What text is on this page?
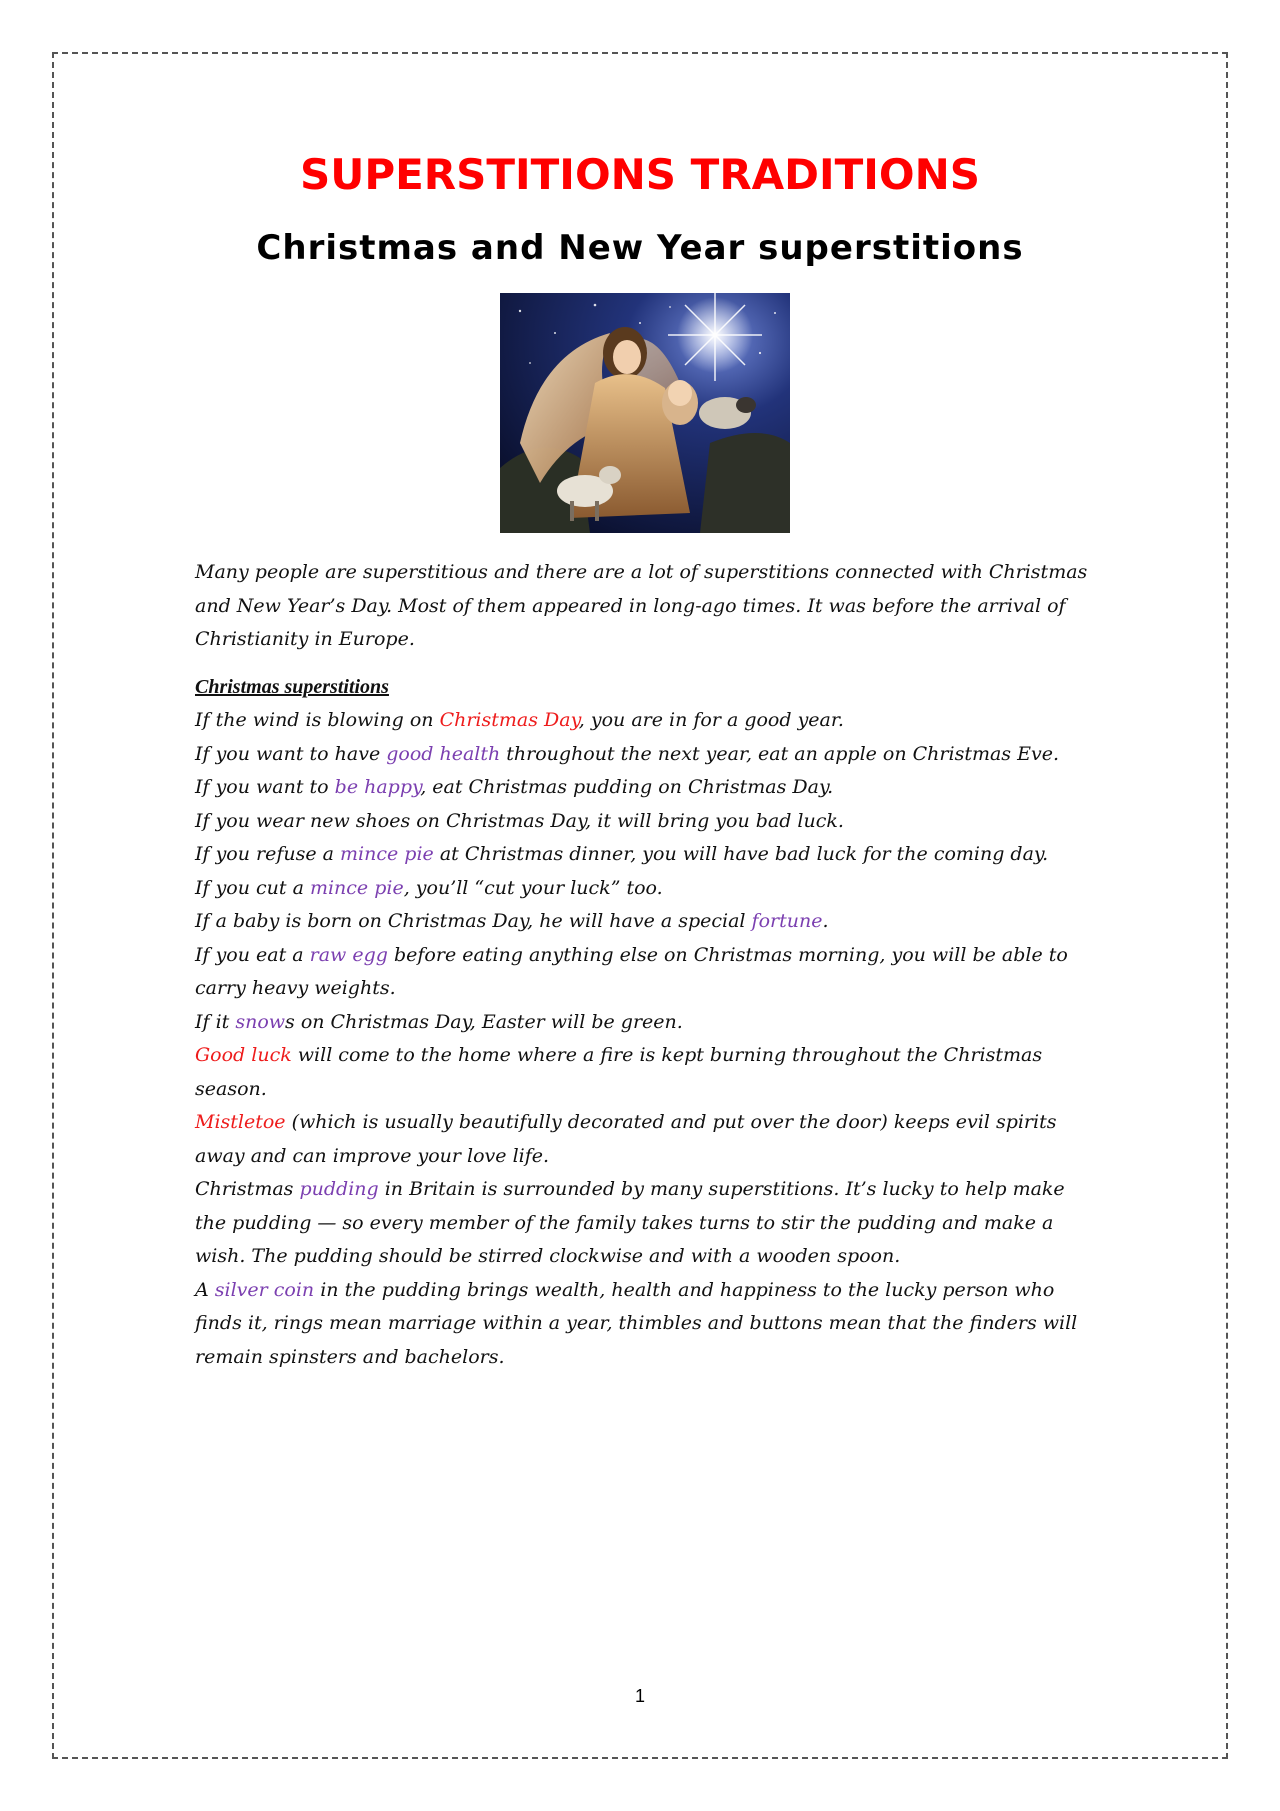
SUPERSTITIONS TRADITIONS
Christmas and New Year superstitions

Many people are superstitious and there are a lot of superstitions connected with Christmas and New Year’s Day. Most of them appeared in long-ago times. It was before the arrival of Christianity in Europe.

Christmas superstitions

If the wind is blowing on Christmas Day, you are in for a good year.

If you want to have good health throughout the next year, eat an apple on Christmas Eve.

If you want to be happy, eat Christmas pudding on Christmas Day.

If you wear new shoes on Christmas Day, it will bring you bad luck.

If you refuse a mince pie at Christmas dinner, you will have bad luck for the coming day.

If you cut a mince pie, you’ll “cut your luck” too.

If a baby is born on Christmas Day, he will have a special fortune.

If you eat a raw egg before eating anything else on Christmas morning, you will be able to carry heavy weights.

If it snows on Christmas Day, Easter will be green.

Good luck will come to the home where a fire is kept burning throughout the Christmas season.

Mistletoe (which is usually beautifully decorated and put over the door) keeps evil spirits away and can improve your love life.

Christmas pudding in Britain is surrounded by many superstitions. It’s lucky to help make the pudding — so every member of the family takes turns to stir the pudding and make a wish. The pudding should be stirred clockwise and with a wooden spoon.

A silver coin in the pudding brings wealth, health and happiness to the lucky person who finds it, rings mean marriage within a year, thimbles and buttons mean that the finders will remain spinsters and bachelors.

1
